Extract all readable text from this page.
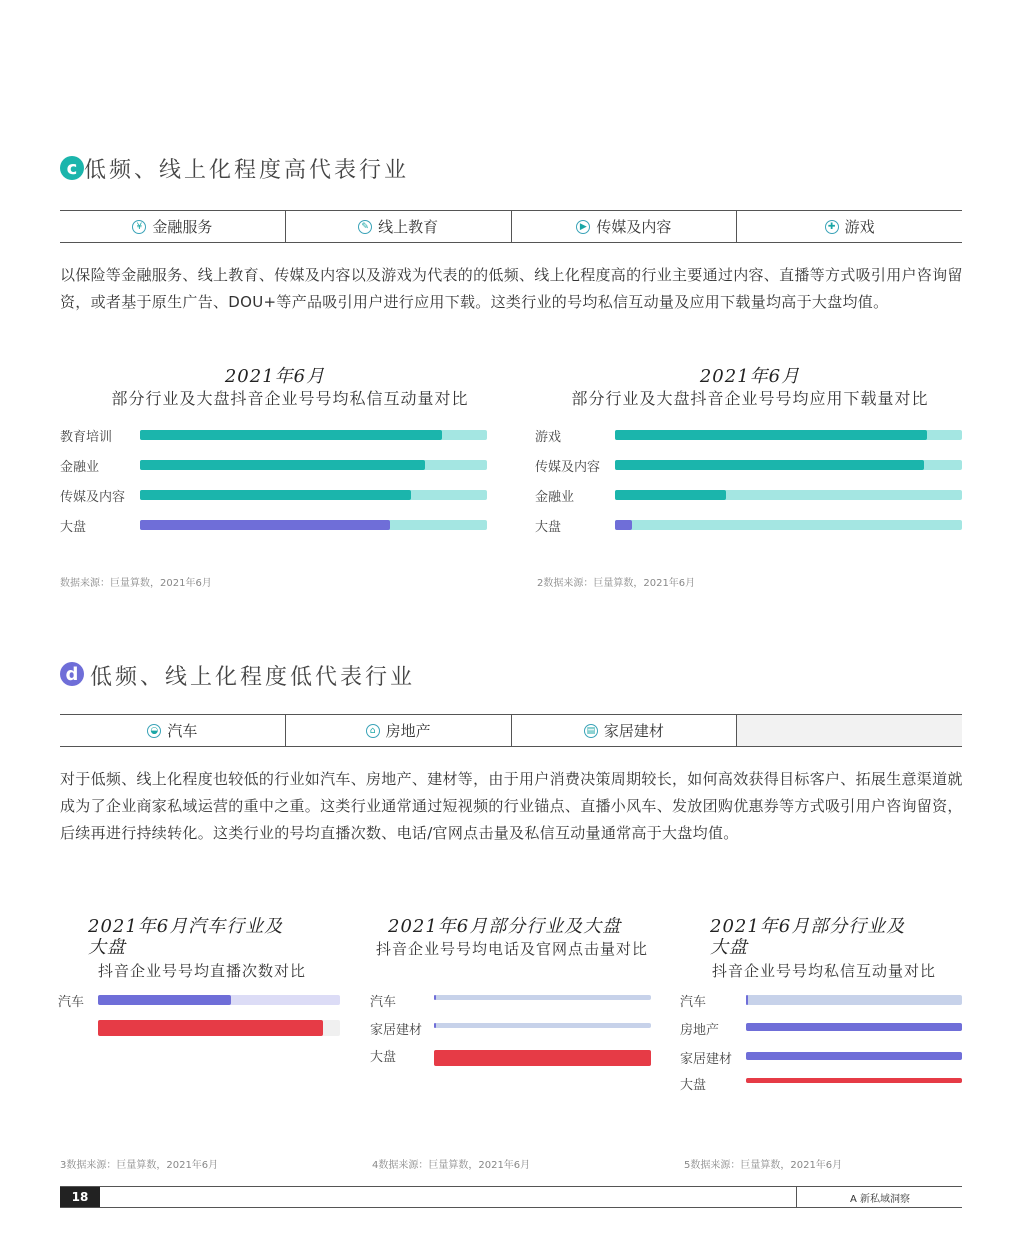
c 低频、线上化程度高代表行业
¥ 金融服务	✎ 线上教育	▶ 传媒及内容	✚ 游戏
以保险等金融服务、线上教育、传媒及内容以及游戏为代表的的低频、线上化程度高的行业主要通过内容、直播等方式吸引用户咨询留资，或者基于原生广告、DOU+等产品吸引用户进行应用下载。这类行业的号均私信互动量及应用下载量均高于大盘均值。
2021年6月
部分行业及大盘抖音企业号号均私信互动量对比
教育培训
金融业
传媒及内容
大盘
数据来源：巨量算数，2021年6月
2021年6月
部分行业及大盘抖音企业号号均应用下载量对比
游戏
传媒及内容
金融业
大盘
2数据来源：巨量算数，2021年6月
d 低频、线上化程度低代表行业
◒ 汽车	⌂ 房地产	▤ 家居建材
对于低频、线上化程度也较低的行业如汽车、房地产、建材等，由于用户消费决策周期较长，如何高效获得目标客户、拓展生意渠道就成为了企业商家私域运营的重中之重。这类行业通常通过短视频的行业锚点、直播小风车、发放团购优惠券等方式吸引用户咨询留资，后续再进行持续转化。这类行业的号均直播次数、电话/官网点击量及私信互动量通常高于大盘均值。
2021年6月汽车行业及
大盘
抖音企业号号均直播次数对比
汽车
3数据来源：巨量算数，2021年6月
2021年6月部分行业及大盘
抖音企业号号均电话及官网点击量对比
汽车
家居建材
大盘
4数据来源：巨量算数，2021年6月
2021年6月部分行业及
大盘
抖音企业号号均私信互动量对比
汽车
房地产
家居建材
大盘
5数据来源：巨量算数，2021年6月
18	A 新私域洞察
